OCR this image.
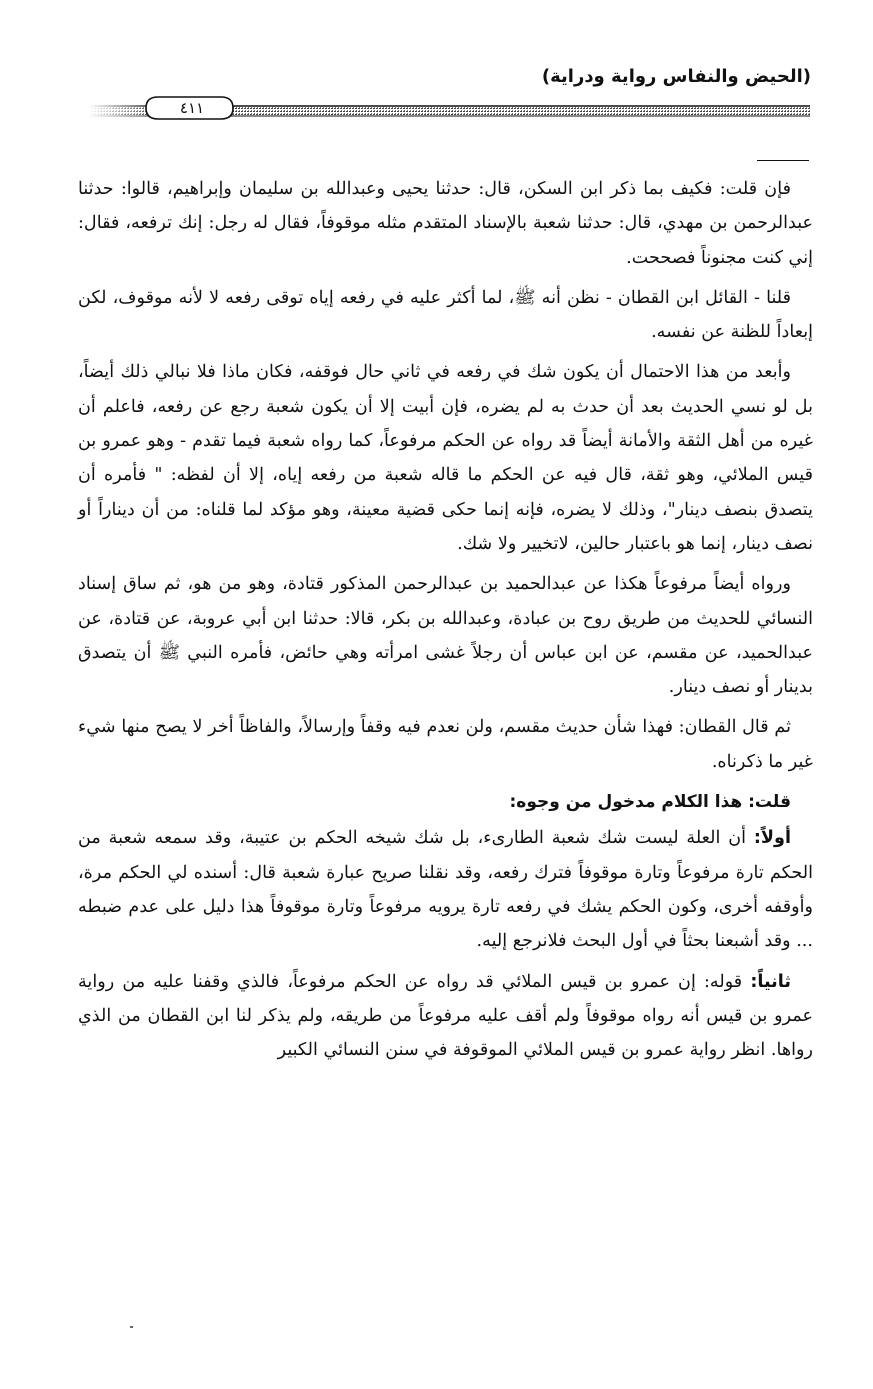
(الحيض والنفاس رواية ودراية)
٤١١

فإن قلت: فكيف بما ذكر ابن السكن، قال: حدثنا يحيى وعبدالله بن سليمان وإبراهيم، قالوا: حدثنا عبدالرحمن بن مهدي، قال: حدثنا شعبة بالإسناد المتقدم مثله موقوفاً، فقال له رجل: إنك ترفعه، فقال: إني كنت مجنوناً فصححت.

قلنا - القائل ابن القطان - نظن أنه ﷺ، لما أكثر عليه في رفعه إياه توقى رفعه لا لأنه موقوف، لكن إبعاداً للظنة عن نفسه.

وأبعد من هذا الاحتمال أن يكون شك في رفعه في ثاني حال فوقفه، فكان ماذا فلا نبالي ذلك أيضاً، بل لو نسي الحديث بعد أن حدث به لم يضره، فإن أبيت إلا أن يكون شعبة رجع عن رفعه، فاعلم أن غيره من أهل الثقة والأمانة أيضاً قد رواه عن الحكم مرفوعاً، كما رواه شعبة فيما تقدم - وهو عمرو بن قيس الملائي، وهو ثقة، قال فيه عن الحكم ما قاله شعبة من رفعه إياه، إلا أن لفظه: " فأمره أن يتصدق بنصف دينار"، وذلك لا يضره، فإنه إنما حكى قضية معينة، وهو مؤكد لما قلناه: من أن ديناراً أو نصف دينار، إنما هو باعتبار حالين، لاتخيير ولا شك.

ورواه أيضاً مرفوعاً هكذا عن عبدالحميد بن عبدالرحمن المذكور قتادة، وهو من هو، ثم ساق إسناد النسائي للحديث من طريق روح بن عبادة، وعبدالله بن بكر، قالا: حدثنا ابن أبي عروبة، عن قتادة، عن عبدالحميد، عن مقسم، عن ابن عباس أن رجلاً غشى امرأته وهي حائض، فأمره النبي ﷺ أن يتصدق بدينار أو نصف دينار.

ثم قال القطان: فهذا شأن حديث مقسم، ولن نعدم فيه وقفاً وإرسالاً، والفاظاً أخر لا يصح منها شيء غير ما ذكرناه.

قلت: هذا الكلام مدخول من وجوه:

أولاً: أن العلة ليست شك شعبة الطارىء، بل شك شيخه الحكم بن عتيبة، وقد سمعه شعبة من الحكم تارة مرفوعاً وتارة موقوفاً فترك رفعه، وقد نقلنا صريح عبارة شعبة قال: أسنده لي الحكم مرة، وأوقفه أخرى، وكون الحكم يشك في رفعه تارة يرويه مرفوعاً وتارة موقوفاً هذا دليل على عدم ضبطه ... وقد أشبعنا بحثاً في أول البحث فلانرجع إليه.

ثانياً: قوله: إن عمرو بن قيس الملائي قد رواه عن الحكم مرفوعاً، فالذي وقفنا عليه من رواية عمرو بن قيس أنه رواه موقوفاً ولم أقف عليه مرفوعاً من طريقه، ولم يذكر لنا ابن القطان من الذي رواها. انظر رواية عمرو بن قيس الملائي الموقوفة في سنن النسائي الكبير
